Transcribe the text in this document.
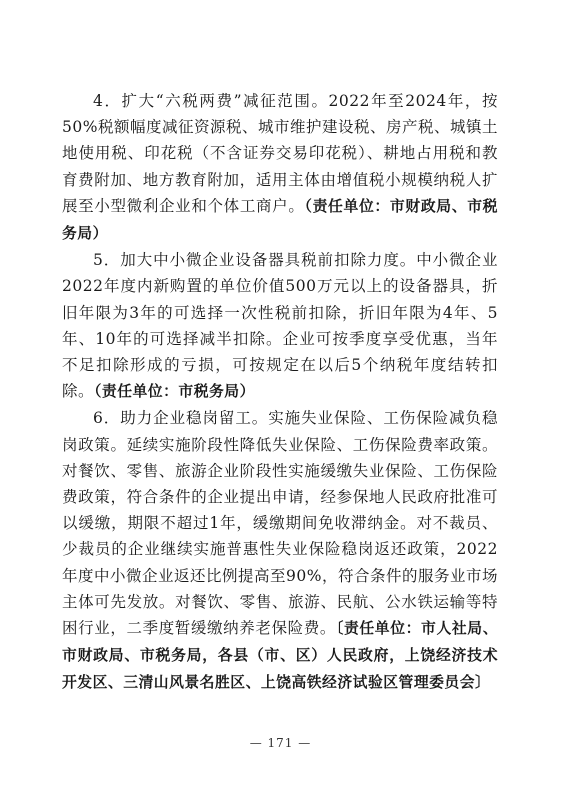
4．扩大“六税两费”减征范围。2022年至2024年，按50%税额幅度减征资源税、城市维护建设税、房产税、城镇土地使用税、印花税（不含证券交易印花税）、耕地占用税和教育费附加、地方教育附加，适用主体由增值税小规模纳税人扩展至小型微利企业和个体工商户。（责任单位：市财政局、市税务局）

5．加大中小微企业设备器具税前扣除力度。中小微企业2022年度内新购置的单位价值500万元以上的设备器具，折旧年限为3年的可选择一次性税前扣除，折旧年限为4年、5年、10年的可选择减半扣除。企业可按季度享受优惠，当年不足扣除形成的亏损，可按规定在以后5个纳税年度结转扣除。（责任单位：市税务局）

6．助力企业稳岗留工。实施失业保险、工伤保险减负稳岗政策。延续实施阶段性降低失业保险、工伤保险费率政策。对餐饮、零售、旅游企业阶段性实施缓缴失业保险、工伤保险费政策，符合条件的企业提出申请，经参保地人民政府批准可以缓缴，期限不超过1年，缓缴期间免收滞纳金。对不裁员、少裁员的企业继续实施普惠性失业保险稳岗返还政策，2022年度中小微企业返还比例提高至90%，符合条件的服务业市场主体可先发放。对餐饮、零售、旅游、民航、公水铁运输等特困行业，二季度暂缓缴纳养老保险费。〔责任单位：市人社局、市财政局、市税务局，各县（市、区）人民政府，上饶经济技术开发区、三清山风景名胜区、上饶高铁经济试验区管理委员会〕

— 171 —
